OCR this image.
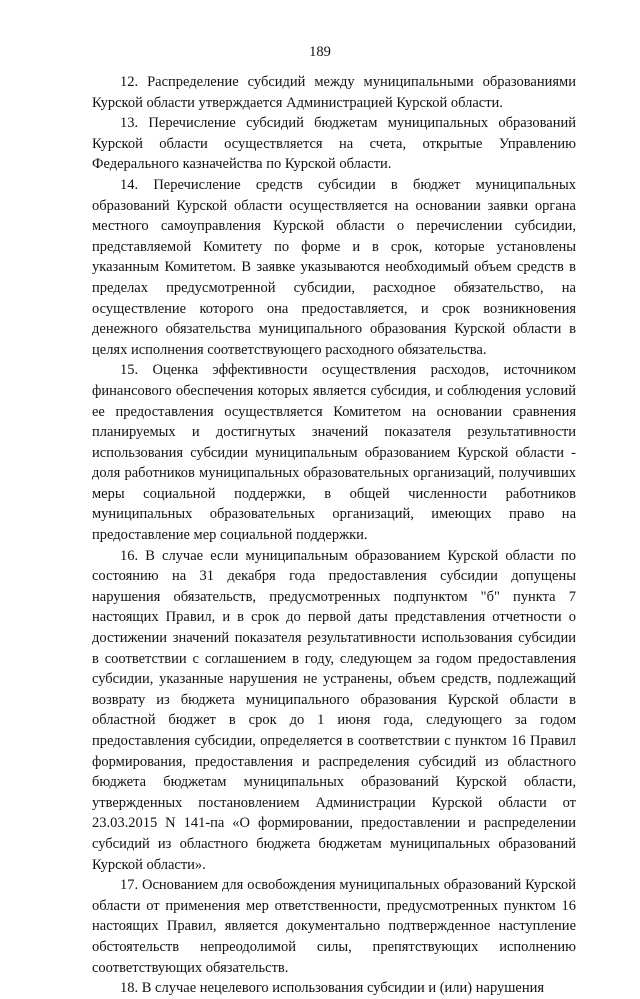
189

12. Распределение субсидий между муниципальными образованиями Курской области утверждается Администрацией Курской области.

13. Перечисление субсидий бюджетам муниципальных образований Курской области осуществляется на счета, открытые Управлению Федерального казначейства по Курской области.

14. Перечисление средств субсидии в бюджет муниципальных образований Курской области осуществляется на основании заявки органа местного самоуправления Курской области о перечислении субсидии, представляемой Комитету по форме и в срок, которые установлены указанным Комитетом. В заявке указываются необходимый объем средств в пределах предусмотренной субсидии, расходное обязательство, на осуществление которого она предоставляется, и срок возникновения денежного обязательства муниципального образования Курской области в целях исполнения соответствующего расходного обязательства.

15. Оценка эффективности осуществления расходов, источником финансового обеспечения которых является субсидия, и соблюдения условий ее предоставления осуществляется Комитетом на основании сравнения планируемых и достигнутых значений показателя результативности использования субсидии муниципальным образованием Курской области - доля работников муниципальных образовательных организаций, получивших меры социальной поддержки, в общей численности работников муниципальных образовательных организаций, имеющих право на предоставление мер социальной поддержки.

16. В случае если муниципальным образованием Курской области по состоянию на 31 декабря года предоставления субсидии допущены нарушения обязательств, предусмотренных подпунктом "б" пункта 7 настоящих Правил, и в срок до первой даты представления отчетности о достижении значений показателя результативности использования субсидии в соответствии с соглашением в году, следующем за годом предоставления субсидии, указанные нарушения не устранены, объем средств, подлежащий возврату из бюджета муниципального образования Курской области в областной бюджет в срок до 1 июня года, следующего за годом предоставления субсидии, определяется в соответствии с пунктом 16 Правил формирования, предоставления и распределения субсидий из областного бюджета бюджетам муниципальных образований Курской области, утвержденных постановлением Администрации Курской области от 23.03.2015 N 141-па «О формировании, предоставлении и распределении субсидий из областного бюджета бюджетам муниципальных образований Курской области».

17. Основанием для освобождения муниципальных образований Курской области от применения мер ответственности, предусмотренных пунктом 16 настоящих Правил, является документально подтвержденное наступление обстоятельств непреодолимой силы, препятствующих исполнению соответствующих обязательств.

18. В случае нецелевого использования субсидии и (или) нарушения
